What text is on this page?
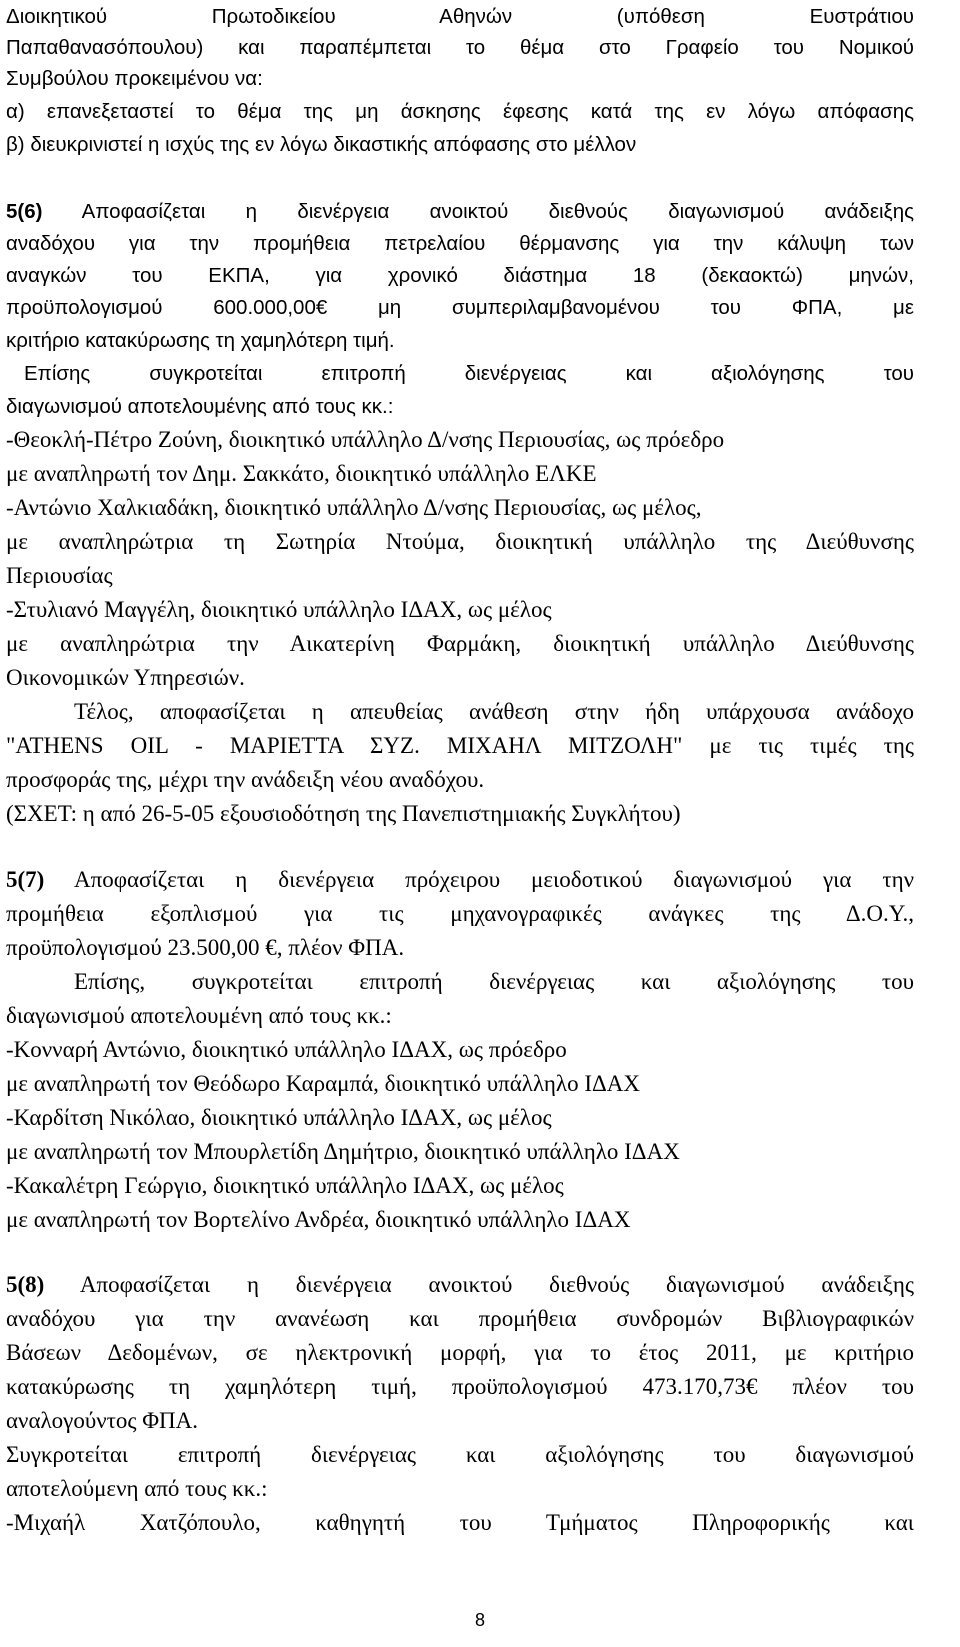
Διοικητικού Πρωτοδικείου Αθηνών (υπόθεση Ευστράτιου
Παπαθανασόπουλου) και παραπέμπεται το θέμα στο Γραφείο του Νομικού
Συμβούλου προκειμένου να:
α) επανεξεταστεί το θέμα της μη άσκησης έφεσης κατά της εν λόγω απόφασης
β) διευκρινιστεί η ισχύς της εν λόγω δικαστικής απόφασης στο μέλλον
5(6) Αποφασίζεται η διενέργεια ανοικτού διεθνούς διαγωνισμού ανάδειξης
αναδόχου για την προμήθεια πετρελαίου θέρμανσης για την κάλυψη των
αναγκών του ΕΚΠΑ, για χρονικό διάστημα 18 (δεκαοκτώ) μηνών,
προϋπολογισμού 600.000,00€ μη συμπεριλαμβανομένου του ΦΠΑ, με
κριτήριο κατακύρωσης τη χαμηλότερη τιμή.
Επίσης συγκροτείται επιτροπή διενέργειας και αξιολόγησης του
διαγωνισμού αποτελουμένης από τους κκ.:
-Θεοκλή-Πέτρο Ζούνη, διοικητικό υπάλληλο Δ/νσης Περιουσίας, ως πρόεδρο
με αναπληρωτή τον Δημ. Σακκάτο, διοικητικό υπάλληλο ΕΛΚΕ
-Αντώνιο Χαλκιαδάκη, διοικητικό υπάλληλο Δ/νσης Περιουσίας, ως μέλος,
με αναπληρώτρια τη Σωτηρία Ντούμα, διοικητική υπάλληλο της Διεύθυνσης
Περιουσίας
-Στυλιανό Μαγγέλη, διοικητικό υπάλληλο ΙΔΑΧ, ως μέλος
με αναπληρώτρια την Αικατερίνη Φαρμάκη, διοικητική υπάλληλο Διεύθυνσης
Οικονομικών Υπηρεσιών.
Τέλος, αποφασίζεται η απευθείας ανάθεση στην ήδη υπάρχουσα ανάδοχο
"ATHENS OIL - ΜΑΡΙΕΤΤΑ ΣΥΖ. ΜΙΧΑΗΛ ΜΙΤΖΟΛΗ" με τις τιμές της
προσφοράς της, μέχρι την ανάδειξη νέου αναδόχου.
(ΣΧΕΤ: η από 26-5-05 εξουσιοδότηση της Πανεπιστημιακής Συγκλήτου)
5(7) Αποφασίζεται η διενέργεια πρόχειρου μειοδοτικού διαγωνισμού για την
προμήθεια εξοπλισμού για τις μηχανογραφικές ανάγκες της Δ.Ο.Υ.,
προϋπολογισμού 23.500,00 €, πλέον ΦΠΑ.
Επίσης, συγκροτείται επιτροπή διενέργειας και αξιολόγησης του
διαγωνισμού αποτελουμένη από τους κκ.:
-Κονναρή Αντώνιο, διοικητικό υπάλληλο ΙΔΑΧ, ως πρόεδρο
με αναπληρωτή τον Θεόδωρο Καραμπά, διοικητικό υπάλληλο ΙΔΑΧ
-Καρδίτση Νικόλαο, διοικητικό υπάλληλο ΙΔΑΧ, ως μέλος
με αναπληρωτή τον Μπουρλετίδη Δημήτριο, διοικητικό υπάλληλο ΙΔΑΧ
-Κακαλέτρη Γεώργιο, διοικητικό υπάλληλο ΙΔΑΧ, ως μέλος
με αναπληρωτή τον Βορτελίνο Ανδρέα, διοικητικό υπάλληλο ΙΔΑΧ
5(8) Αποφασίζεται η διενέργεια ανοικτού διεθνούς διαγωνισμού ανάδειξης
αναδόχου για την ανανέωση και προμήθεια συνδρομών Βιβλιογραφικών
Βάσεων Δεδομένων, σε ηλεκτρονική μορφή, για το έτος 2011, με κριτήριο
κατακύρωσης τη χαμηλότερη τιμή, προϋπολογισμού 473.170,73€ πλέον του
αναλογούντος ΦΠΑ.
Συγκροτείται επιτροπή διενέργειας και αξιολόγησης του διαγωνισμού
αποτελούμενη από τους κκ.:
-Μιχαήλ Χατζόπουλο, καθηγητή του Τμήματος Πληροφορικής και
8
